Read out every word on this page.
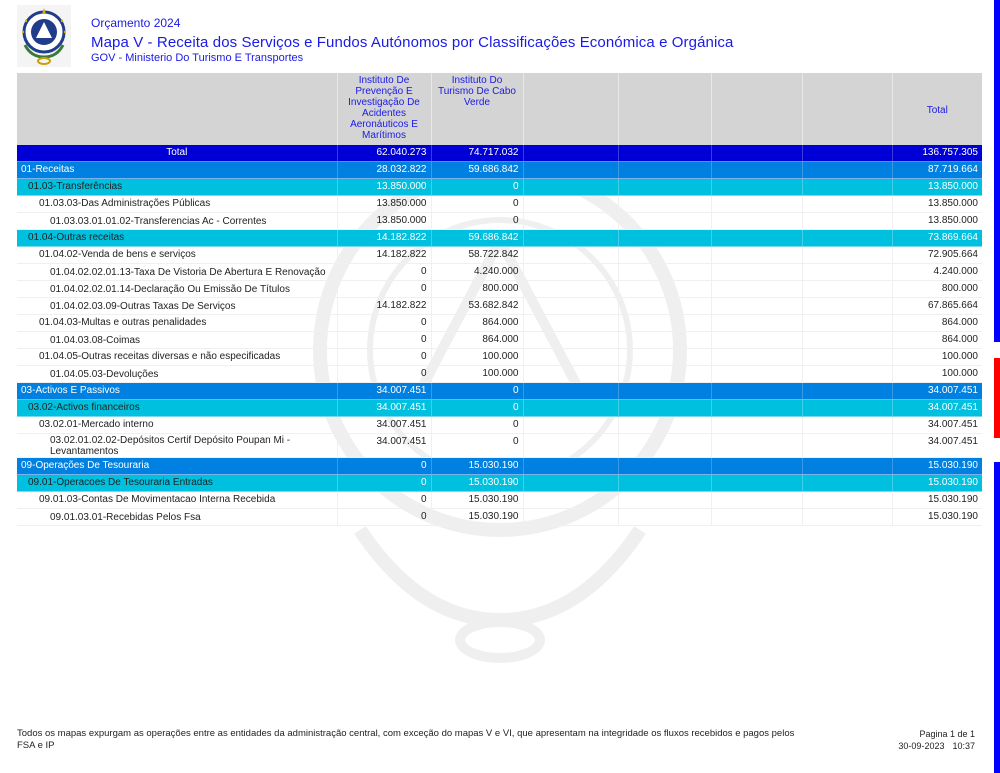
Orçamento 2024
Mapa V - Receita dos Serviços e Fundos Autónomos por Classificações Económica e Orgánica
GOV - Ministerio Do Turismo E Transportes
	Instituto De Prevenção E Investigação De Acidentes Aeronáuticos E Marítimos	Instituto Do Turismo De Cabo Verde					Total
Total	62.040.273	74.717.032					136.757.305
01-Receitas	28.032.822	59.686.842					87.719.664
01.03-Transferências	13.850.000	0					13.850.000
01.03.03-Das Administrações Públicas	13.850.000	0					13.850.000
01.03.03.01.01.02-Transferencias Ac - Correntes	13.850.000	0					13.850.000
01.04-Outras receitas	14.182.822	59.686.842					73.869.664
01.04.02-Venda de bens e serviços	14.182.822	58.722.842					72.905.664
01.04.02.02.01.13-Taxa De Vistoria De Abertura E Renovação	0	4.240.000					4.240.000
01.04.02.02.01.14-Declaração Ou Emissão De Títulos	0	800.000					800.000
01.04.02.03.09-Outras Taxas De Serviços	14.182.822	53.682.842					67.865.664
01.04.03-Multas e outras penalidades	0	864.000					864.000
01.04.03.08-Coimas	0	864.000					864.000
01.04.05-Outras receitas diversas e não especificadas	0	100.000					100.000
01.04.05.03-Devoluções	0	100.000					100.000
03-Activos E Passivos	34.007.451	0					34.007.451
03.02-Activos financeiros	34.007.451	0					34.007.451
03.02.01-Mercado interno	34.007.451	0					34.007.451
03.02.01.02.02-Depósitos Certif Depósito Poupan Mi - Levantamentos	34.007.451	0					34.007.451
09-Operações De Tesouraria	0	15.030.190					15.030.190
09.01-Operacoes De Tesouraria Entradas	0	15.030.190					15.030.190
09.01.03-Contas De Movimentacao Interna Recebida	0	15.030.190					15.030.190
09.01.03.01-Recebidas Pelos Fsa	0	15.030.190					15.030.190
Todos os mapas expurgam as operações entre as entidades da administração central, com exceção do mapas V e VI, que apresentam na integridade os fluxos recebidos e pagos pelos FSA e IP
Pagina 1 de 1
30-09-2023 10:37
